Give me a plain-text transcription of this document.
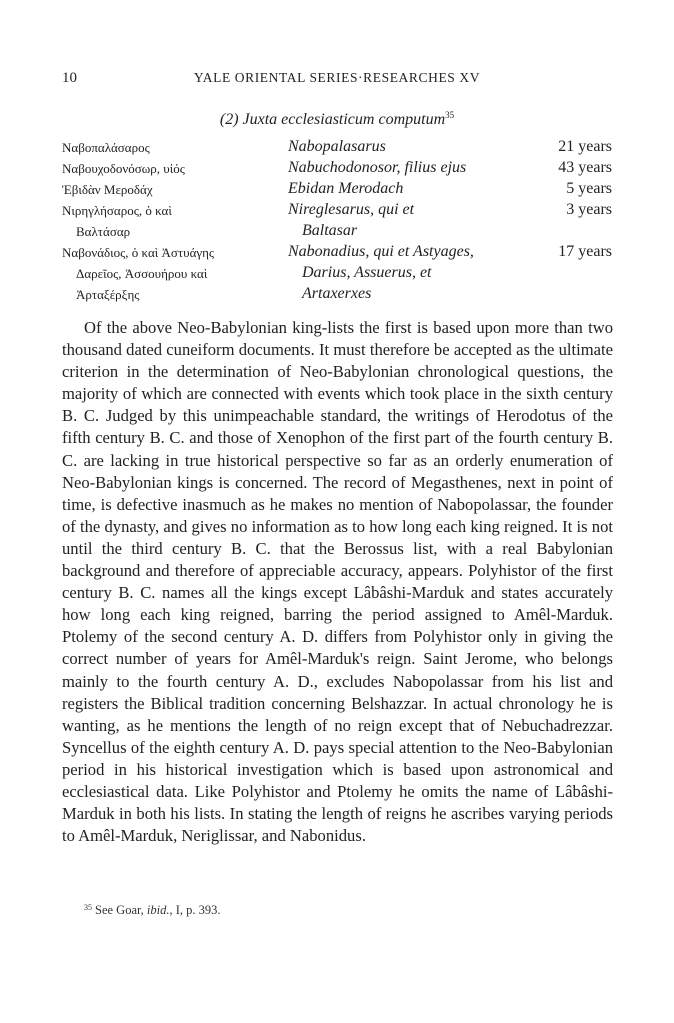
10	YALE ORIENTAL SERIES·RESEARCHES XV
(2) Juxta ecclesiasticum computum$^{35}$
Ναβοπαλάσαρος	Nabopalasarus	21 years
Ναβουχοδονόσωρ, υἱός	Nabuchodonosor, filius ejus	43 years
Ἐβιδὰν Μεροδάχ	Ebidan Merodach	5 years
Νιρηγλήσαρος, ὁ καὶ	Nireglesarus, qui et	3 years
Βαλτάσαρ	Baltasar
Ναβονάδιος, ὁ καὶ Ἀστυάγης	Nabonadius, qui et Astyages,	17 years
Δαρεῖος, Ἀσσουήρου καὶ	Darius, Assuerus, et
Ἀρταξέρξης	Artaxerxes

Of the above Neo-Babylonian king-lists the first is based upon more than two thousand dated cuneiform documents. It must therefore be accepted as the ultimate criterion in the determination of Neo-Babylonian chronological questions, the majority of which are connected with events which took place in the sixth century B. C. Judged by this unimpeachable standard, the writings of Herodotus of the fifth century B. C. and those of Xenophon of the first part of the fourth century B. C. are lacking in true historical perspective so far as an orderly enumeration of Neo-Babylonian kings is concerned. The record of Megasthenes, next in point of time, is defective inasmuch as he makes no mention of Nabopolassar, the founder of the dynasty, and gives no information as to how long each king reigned. It is not until the third century B. C. that the Berossus list, with a real Babylonian background and therefore of appreciable accuracy, appears. Polyhistor of the first century B. C. names all the kings except Lâbâshi-Marduk and states accurately how long each king reigned, barring the period assigned to Amêl-Marduk. Ptolemy of the second century A. D. differs from Polyhistor only in giving the correct number of years for Amêl-Marduk's reign. Saint Jerome, who belongs mainly to the fourth century A. D., excludes Nabopolassar from his list and registers the Biblical tradition concerning Belshazzar. In actual chronology he is wanting, as he mentions the length of no reign except that of Nebuchadrezzar. Syncellus of the eighth century A. D. pays special attention to the Neo-Babylonian period in his historical investigation which is based upon astronomical and ecclesiastical data. Like Polyhistor and Ptolemy he omits the name of Lâbâshi-Marduk in both his lists. In stating the length of reigns he ascribes varying periods to Amêl-Marduk, Neriglissar, and Nabonidus.

$^{35}$ See Goar, ibid., I, p. 393.
